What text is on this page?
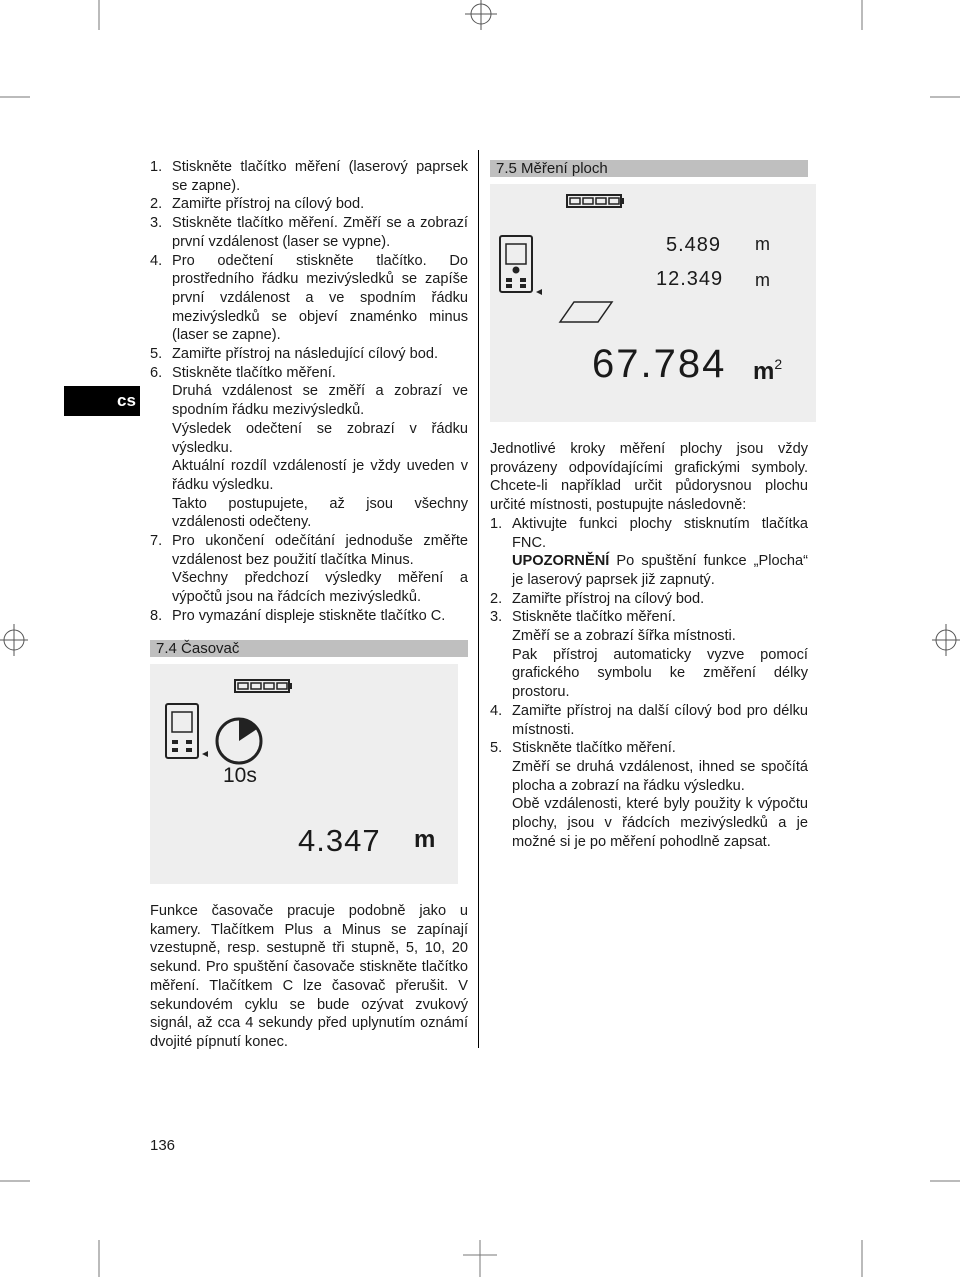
cs
1. Stiskněte tlačítko měření (laserový paprsek se zapne).
2. Zamiřte přístroj na cílový bod.
3. Stiskněte tlačítko měření. Změří se a zobrazí první vzdálenost (laser se vypne).
4. Pro odečtení stiskněte tlačítko. Do prostředního řádku mezivýsledků se zapíše první vzdálenost a ve spodním řádku mezivýsledků se objeví znaménko minus (laser se zapne).
5. Zamiřte přístroj na následující cílový bod.
6. Stiskněte tlačítko měření.

Druhá vzdálenost se změří a zobrazí ve spodním řádku mezivýsledků.

Výsledek odečtení se zobrazí v řádku výsledku.

Aktuální rozdíl vzdáleností je vždy uveden v řádku výsledku.

Takto postupujete, až jsou všechny vzdálenosti odečteny.

7. Pro ukončení odečítání jednoduše změřte vzdálenost bez použití tlačítka Minus.

Všechny předchozí výsledky měření a výpočtů jsou na řádcích mezivýsledků.

8. Pro vymazání displeje stiskněte tlačítko C.
7.4 Časovač
10s
4.347 m

Funkce časovače pracuje podobně jako u kamery. Tlačítkem Plus a Minus se zapínají vzestupně, resp. sestupně tři stupně, 5, 10, 20 sekund. Pro spuštění časovače stiskněte tlačítko měření. Tlačítkem C lze časovač přerušit. V sekundovém cyklu se bude ozývat zvukový signál, až cca 4 sekundy před uplynutím oznámí dvojité pípnutí konec.

7.5 Měření ploch
5.489 m
12.349 m
67.784 $m^2$

Jednotlivé kroky měření plochy jsou vždy provázeny odpovídajícími grafickými symboly. Chcete-li například určit půdorysnou plochu určité místnosti, postupujte následovně:

1. Aktivujte funkci plochy stisknutím tlačítka FNC.

UPOZORNĚNÍ Po spuštění funkce „Plocha“ je laserový paprsek již zapnutý.

2. Zamiřte přístroj na cílový bod.
3. Stiskněte tlačítko měření.

Změří se a zobrazí šířka místnosti.

Pak přístroj automaticky vyzve pomocí grafického symbolu ke změření délky prostoru.

4. Zamiřte přístroj na další cílový bod pro délku místnosti.
5. Stiskněte tlačítko měření.

Změří se druhá vzdálenost, ihned se spočítá plocha a zobrazí na řádku výsledku.

Obě vzdálenosti, které byly použity k výpočtu plochy, jsou v řádcích mezivýsledků a je možné si je po měření pohodlně zapsat.

136
